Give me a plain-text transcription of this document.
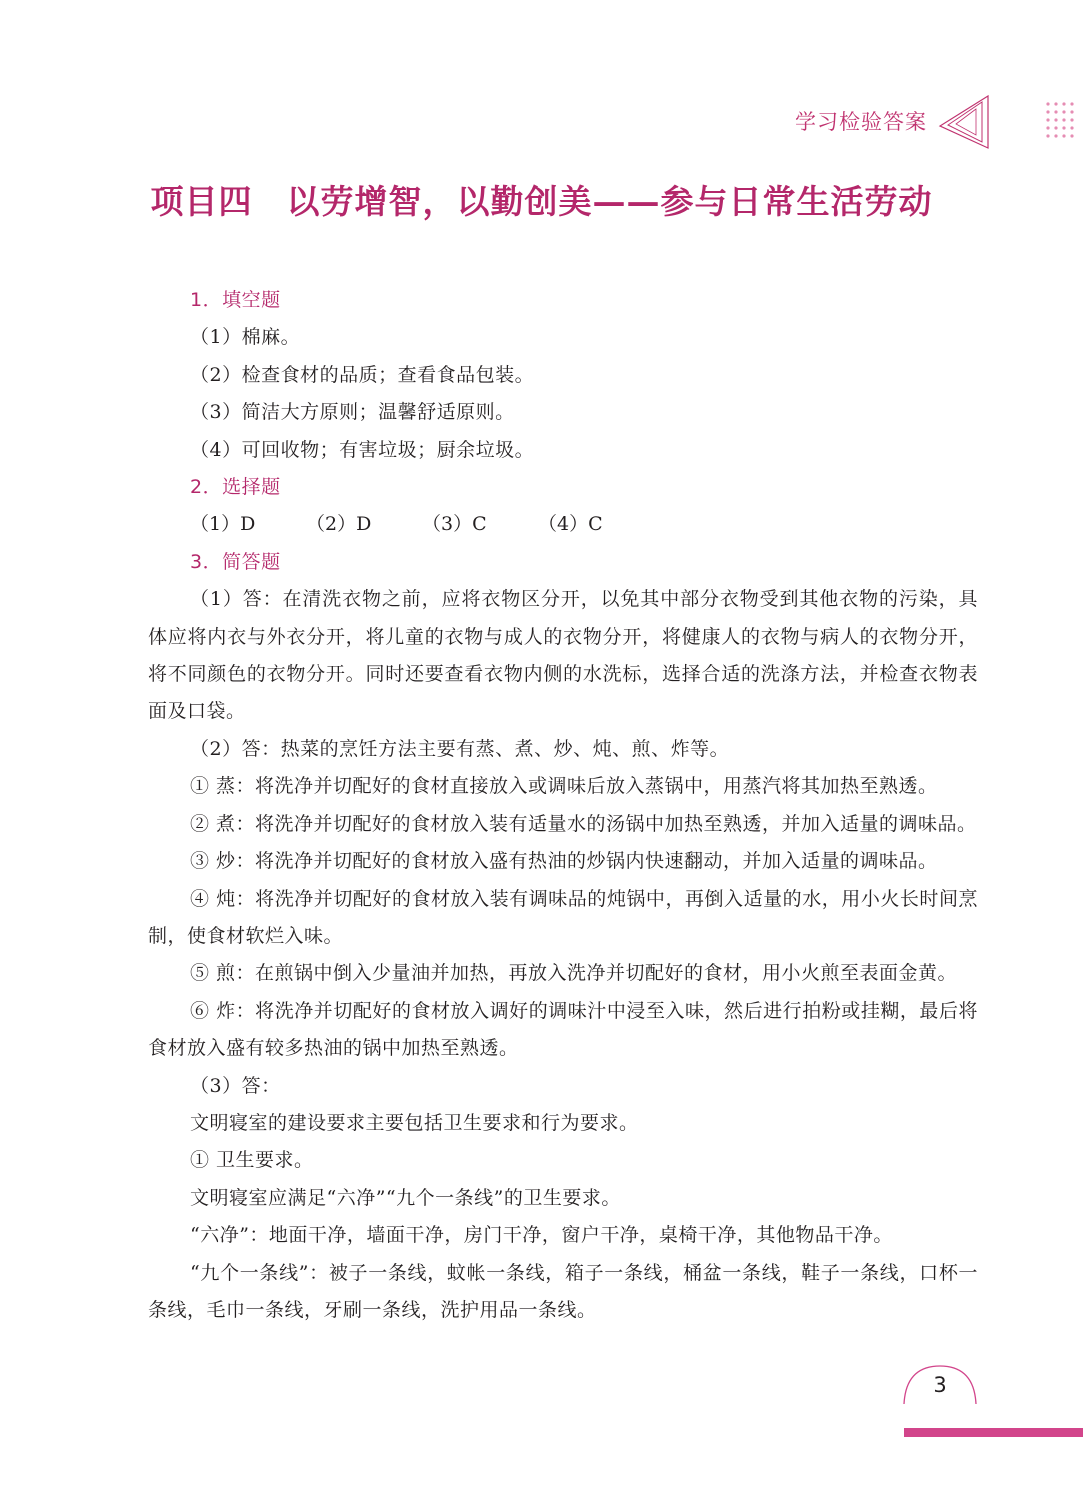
学习检验答案
项目四　以劳增智，以勤创美——参与日常生活劳动

1．填空题

（1）棉麻。

（2）检查食材的品质；查看食品包装。

（3）简洁大方原则；温馨舒适原则。

（4）可回收物；有害垃圾；厨余垃圾。

2．选择题

（1）D	（2）D	（3）C	（4）C

3．简答题

（1）答：在清洗衣物之前，应将衣物区分开，以免其中部分衣物受到其他衣物的污染，具体应将内衣与外衣分开，将儿童的衣物与成人的衣物分开，将健康人的衣物与病人的衣物分开，将不同颜色的衣物分开。同时还要查看衣物内侧的水洗标，选择合适的洗涤方法，并检查衣物表面及口袋。

（2）答：热菜的烹饪方法主要有蒸、煮、炒、炖、煎、炸等。

① 蒸：将洗净并切配好的食材直接放入或调味后放入蒸锅中，用蒸汽将其加热至熟透。

② 煮：将洗净并切配好的食材放入装有适量水的汤锅中加热至熟透，并加入适量的调味品。

③ 炒：将洗净并切配好的食材放入盛有热油的炒锅内快速翻动，并加入适量的调味品。

④ 炖：将洗净并切配好的食材放入装有调味品的炖锅中，再倒入适量的水，用小火长时间烹制，使食材软烂入味。

⑤ 煎：在煎锅中倒入少量油并加热，再放入洗净并切配好的食材，用小火煎至表面金黄。

⑥ 炸：将洗净并切配好的食材放入调好的调味汁中浸至入味，然后进行拍粉或挂糊，最后将食材放入盛有较多热油的锅中加热至熟透。

（3）答：

文明寝室的建设要求主要包括卫生要求和行为要求。

① 卫生要求。

文明寝室应满足“六净”“九个一条线”的卫生要求。

“六净”：地面干净，墙面干净，房门干净，窗户干净，桌椅干净，其他物品干净。

“九个一条线”：被子一条线，蚊帐一条线，箱子一条线，桶盆一条线，鞋子一条线，口杯一条线，毛巾一条线，牙刷一条线，洗护用品一条线。

3
